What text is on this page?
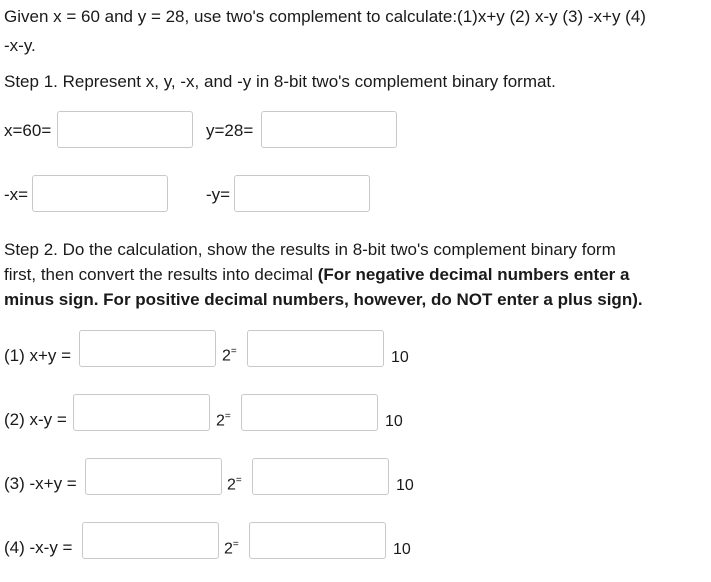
Given x = 60 and y = 28, use two's complement to calculate:(1)x+y (2) x-y (3) -x+y (4)
-x-y.
Step 1. Represent x, y, -x, and -y in 8-bit two's complement binary format.
x=60=	y=28=
-x=	-y=
Step 2. Do the calculation, show the results in 8-bit two's complement binary form
first, then convert the results into decimal (For negative decimal numbers enter a
minus sign. For positive decimal numbers, however, do NOT enter a plus sign).
(1) x+y =	2=	10
(2) x-y =	2=	10
(3) -x+y =	2=	10
(4) -x-y =	2=	10
